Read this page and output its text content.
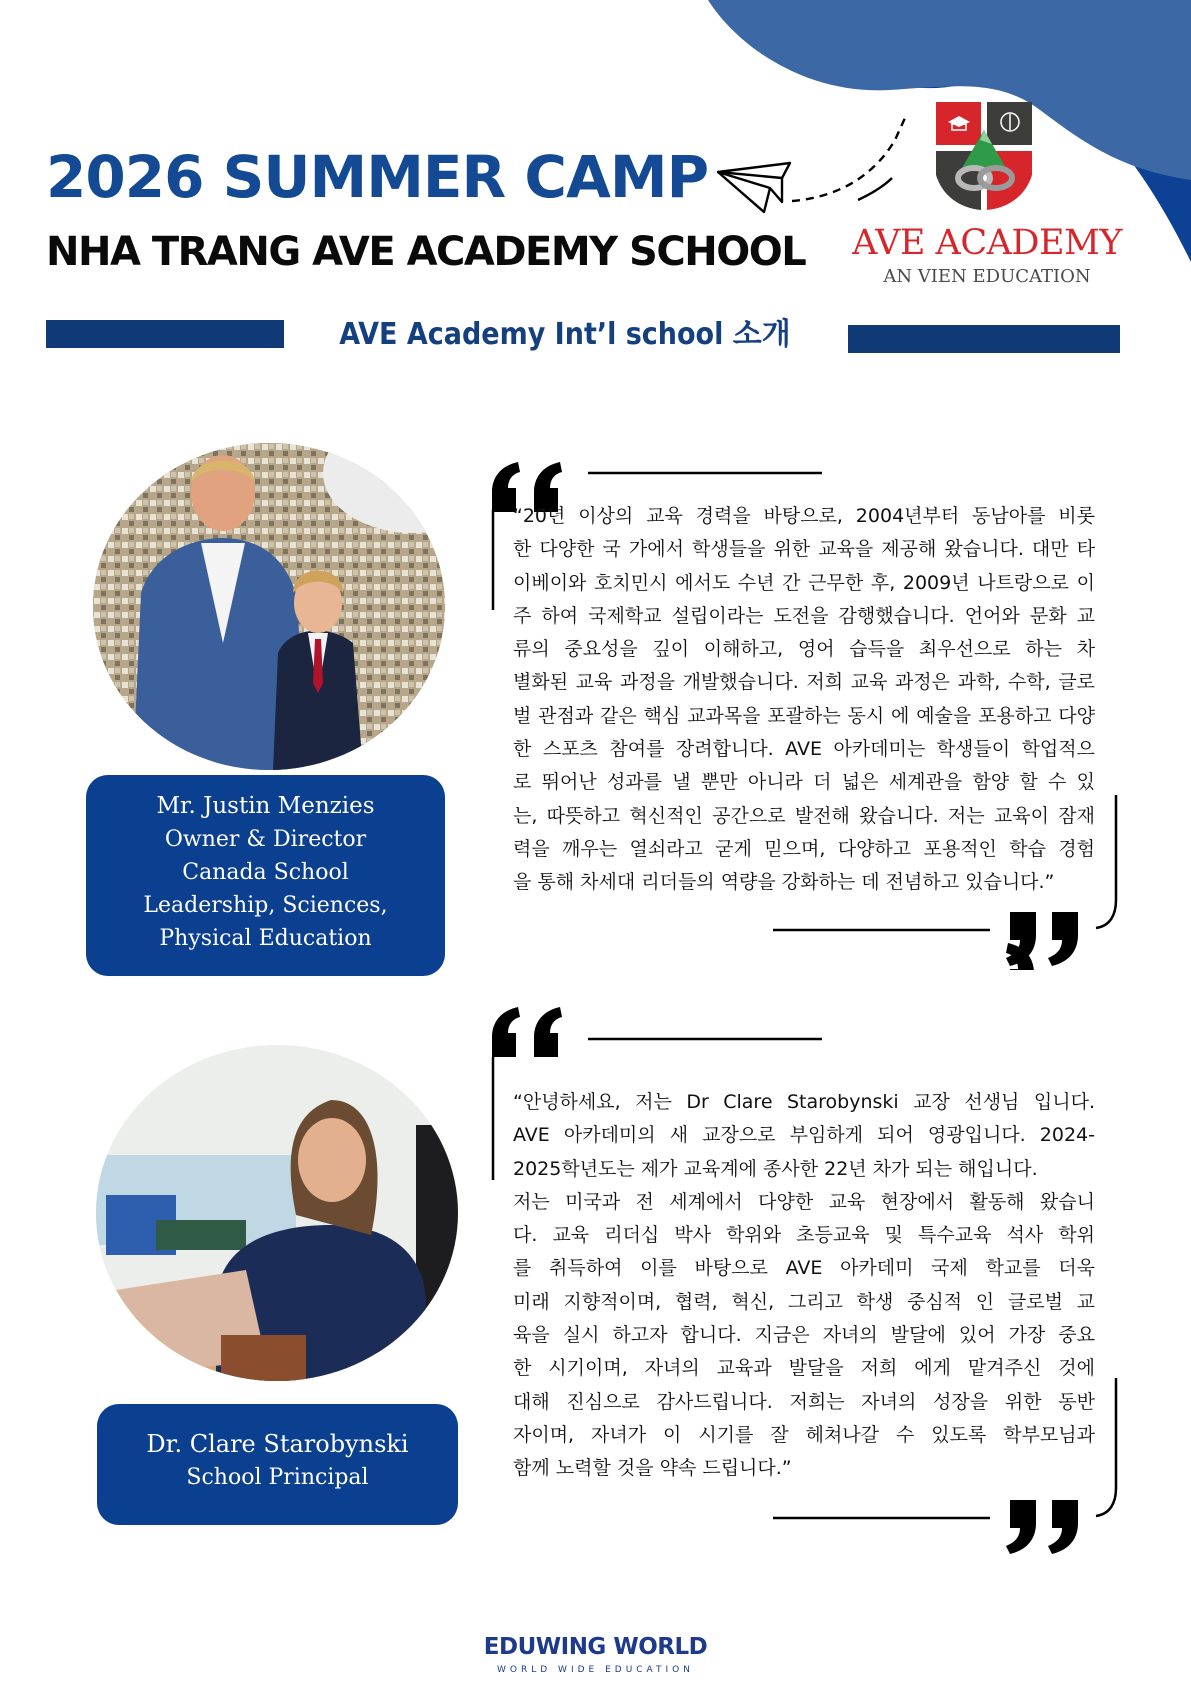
2026 SUMMER CAMP
NHA TRANG AVE ACADEMY SCHOOL AVE ACADEMY
AN VIEN EDUCATION
AVE Academy Int’l school 소개
Mr. Justin Menzies
Owner & Director
Canada School
Leadership, Sciences,
Physical Education
“20년 이상의 교육 경력을 바탕으로, 2004년부터 동남아를 비롯
한 다양한 국 가에서 학생들을 위한 교육을 제공해 왔습니다. 대만 타
이베이와 호치민시 에서도 수년 간 근무한 후, 2009년 나트랑으로 이
주 하여 국제학교 설립이라는 도전을 감행했습니다. 언어와 문화 교
류의 중요성을 깊이 이해하고, 영어 습득을 최우선으로 하는 차
별화된 교육 과정을 개발했습니다. 저희 교육 과정은 과학, 수학, 글로
벌 관점과 같은 핵심 교과목을 포괄하는 동시 에 예술을 포용하고 다양
한 스포츠 참여를 장려합니다. AVE 아카데미는 학생들이 학업적으
로 뛰어난 성과를 낼 뿐만 아니라 더 넓은 세계관을 함양 할 수 있
는, 따뜻하고 혁신적인 공간으로 발전해 왔습니다. 저는 교육이 잠재
력을 깨우는 열쇠라고 굳게 믿으며, 다양하고 포용적인 학습 경험
을 통해 차세대 리더들의 역량을 강화하는 데 전념하고 있습니다.”
Dr. Clare Starobynski
School Principal
“안녕하세요, 저는 Dr Clare Starobynski 교장 선생님 입니다.
AVE 아카데미의 새 교장으로 부임하게 되어 영광입니다. 2024-
2025학년도는 제가 교육계에 종사한 22년 차가 되는 해입니다.
저는 미국과 전 세계에서 다양한 교육 현장에서 활동해 왔습니
다. 교육 리더십 박사 학위와 초등교육 및 특수교육 석사 학위
를 취득하여 이를 바탕으로 AVE 아카데미 국제 학교를 더욱
미래 지향적이며, 협력, 혁신, 그리고 학생 중심적 인 글로벌 교
육을 실시 하고자 합니다. 지금은 자녀의 발달에 있어 가장 중요
한 시기이며, 자녀의 교육과 발달을 저희 에게 맡겨주신 것에
대해 진심으로 감사드립니다. 저희는 자녀의 성장을 위한 동반
자이며, 자녀가 이 시기를 잘 헤쳐나갈 수 있도록 학부모님과
함께 노력할 것을 약속 드립니다.”
EDUWING WORLD
WORLD WIDE EDUCATION
